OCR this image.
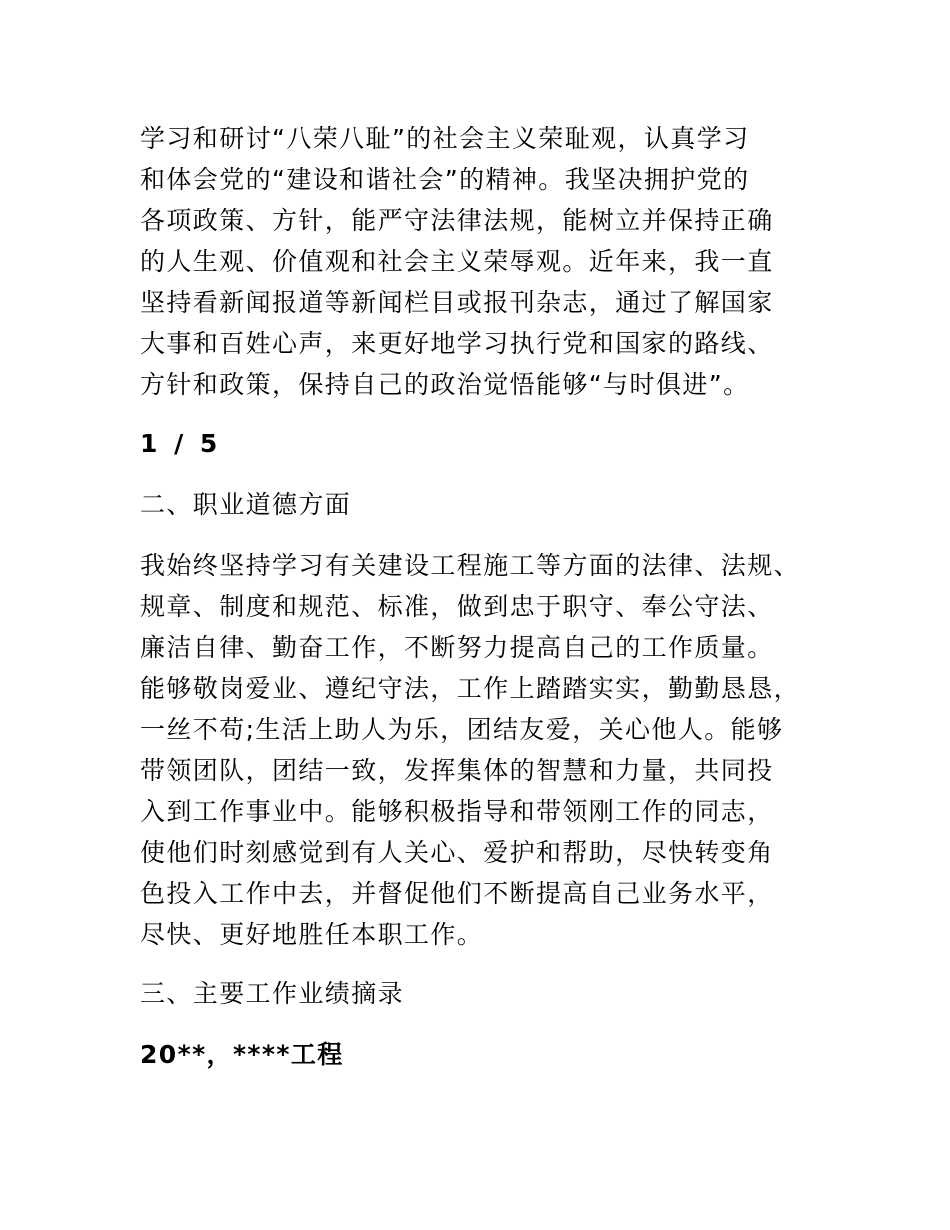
学习和研讨“八荣八耻”的社会主义荣耻观，认真学习
和体会党的“建设和谐社会”的精神。我坚决拥护党的
各项政策、方针，能严守法律法规，能树立并保持正确
的人生观、价值观和社会主义荣辱观。近年来，我一直
坚持看新闻报道等新闻栏目或报刊杂志，通过了解国家
大事和百姓心声，来更好地学习执行党和国家的路线、
方针和政策，保持自己的政治觉悟能够“与时俱进”。
1 / 5
二、职业道德方面
我始终坚持学习有关建设工程施工等方面的法律、法规、
规章、制度和规范、标准，做到忠于职守、奉公守法、
廉洁自律、勤奋工作，不断努力提高自己的工作质量。
能够敬岗爱业、遵纪守法，工作上踏踏实实，勤勤恳恳，
一丝不苟;生活上助人为乐，团结友爱，关心他人。能够
带领团队，团结一致，发挥集体的智慧和力量，共同投
入到工作事业中。能够积极指导和带领刚工作的同志，
使他们时刻感觉到有人关心、爱护和帮助，尽快转变角
色投入工作中去，并督促他们不断提高自己业务水平，
尽快、更好地胜任本职工作。
三、主要工作业绩摘录
20**，****工程
